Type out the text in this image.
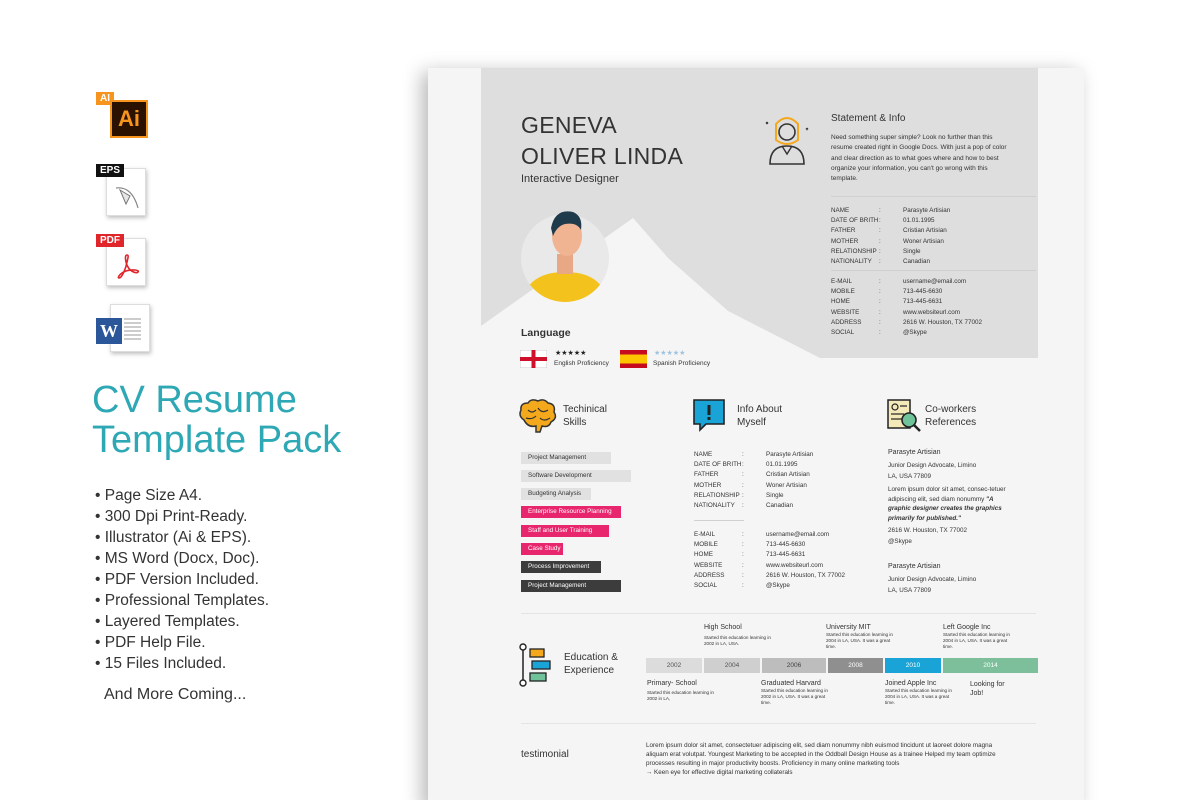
AI
Ai
EPS
PDF
W
CV Resume Template Pack
• Page Size A4.
• 300 Dpi Print-Ready.
• Illustrator (Ai & EPS).
• MS Word (Docx, Doc).
• PDF Version Included.
• Professional Templates.
• Layered Templates.
• PDF Help File.
• 15 Files Included.
And More Coming...
GENEVA
OLIVER LINDA
Interactive Designer
Language
★★★★★
English Proficiency
★★★★★
Spanish Proficiency
Statement & Info
Need something super simple? Look no further than this resume created right in Google Docs. With just a pop of color and clear direction as to what goes where and how to best organize your information, you can't go wrong with this template.
NAME	:	Parasyte Artisian
DATE OF BRITH :	01.01.1995
FATHER	:	Cristian Artisian
MOTHER	:	Woner Artisian
RELATIONSHIP :	Single
NATIONALITY	:	Canadian
E-MAIL	:	username@email.com
MOBILE	:	713-445-6630
HOME	:	713-445-6631
WEBSITE	:	www.websiteurl.com
ADDRESS	:	2616 W. Houston, TX 77002
SOCIAL	:	@Skype
Techinical
Skills
Project Management
Software Development
Budgeting Analysis
Enterprise Resource Planning
Staff and User Training
Case Study
Process Improvement
Project Management
Info About
Myself
NAME	:	Parasyte Artisian
DATE OF BRITH :	01.01.1995
FATHER	:	Cristian Artisian
MOTHER	:	Woner Artisian
RELATIONSHIP :	Single
NATIONALITY	:	Canadian
E-MAIL	:	username@email.com
MOBILE	:	713-445-6630
HOME	:	713-445-6631
WEBSITE	:	www.websiteurl.com
ADDRESS	:	2616 W. Houston, TX 77002
SOCIAL	:	@Skype
Co-workers
References
Parasyte Artisian
Junior Design Advocate, Limino
LA, USA 77809
Lorem ipsum dolor sit amet, consec-tetuer adipiscing elit, sed diam nonummy "A graphic designer creates the graphics primarily for published."
2616 W. Houston, TX 77002
@Skype
Parasyte Artisian
Junior Design Advocate, Limino
LA, USA 77809
Education &
Experience
High School
Started this education learning in 2002 in LA, USA.
University MIT
Started this education learning in 2004 in LA, USA. It was a great time.
Left Google Inc
Started this education learning in 2004 in LA, USA. It was a great time.
2002	2004	2006	2008	2010	2014
Primary- School
Started this education learning in 2002 in LA,
Graduated Harvard
Started this education learning in 2002 in LA, USA. It was a great time.
Joined Apple Inc
Started this education learning in 2004 in LA, USA. It was a great time.
Looking for Job!
testimonial
Lorem ipsum dolor sit amet, consectetuer adipiscing elit, sed diam nonummy nibh euismod tincidunt ut laoreet dolore magna
aliquam erat volutpat. Youngest Marketing to be accepted in the Oddball Design House as a trainee Helped my team optimize
processes resulting in major productivity boosts. Proficiency in many online marketing tools
→ Keen eye for effective digital marketing collaterals
